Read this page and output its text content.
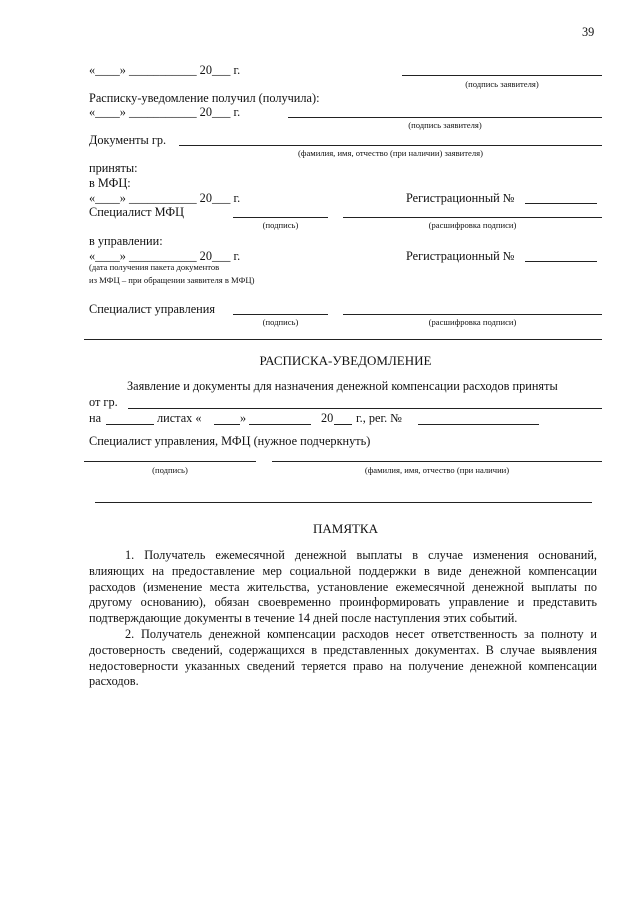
39
«____» ___________ 20___ г.
(подпись заявителя)
Расписку-уведомление получил (получила):
«____» ___________ 20___ г.
(подпись заявителя)
Документы гр.
(фамилия, имя, отчество (при наличии) заявителя)
приняты:
в МФЦ:
«____» ___________ 20___ г.	Регистрационный №
Специалист МФЦ
(подпись)	(расшифровка подписи)
в управлении:
«____» ___________ 20___ г.	Регистрационный №
(дата получения пакета документов
из МФЦ – при обращении заявителя в МФЦ)
Специалист управления
(подпись)	(расшифровка подписи)
РАСПИСКА-УВЕДОМЛЕНИЕ
Заявление и документы для назначения денежной компенсации расходов приняты
от гр.
на	листах «	»	20 г., рег. №
Специалист управления, МФЦ (нужное подчеркнуть)
(подпись)	(фамилия, имя, отчество (при наличии)
ПАМЯТКА

1. Получатель ежемесячной денежной выплаты в случае изменения оснований, влияющих на предоставление мер социальной поддержки в виде денежной компенсации расходов (изменение места жительства, установление ежемесячной денежной выплаты по другому основанию), обязан своевременно проинформировать управление и представить подтверждающие документы в течение 14 дней после наступления этих событий.

2. Получатель денежной компенсации расходов несет ответственность за полноту и достоверность сведений, содержащихся в представленных документах. В случае выявления недостоверности указанных сведений теряется право на получение денежной компенсации расходов.
